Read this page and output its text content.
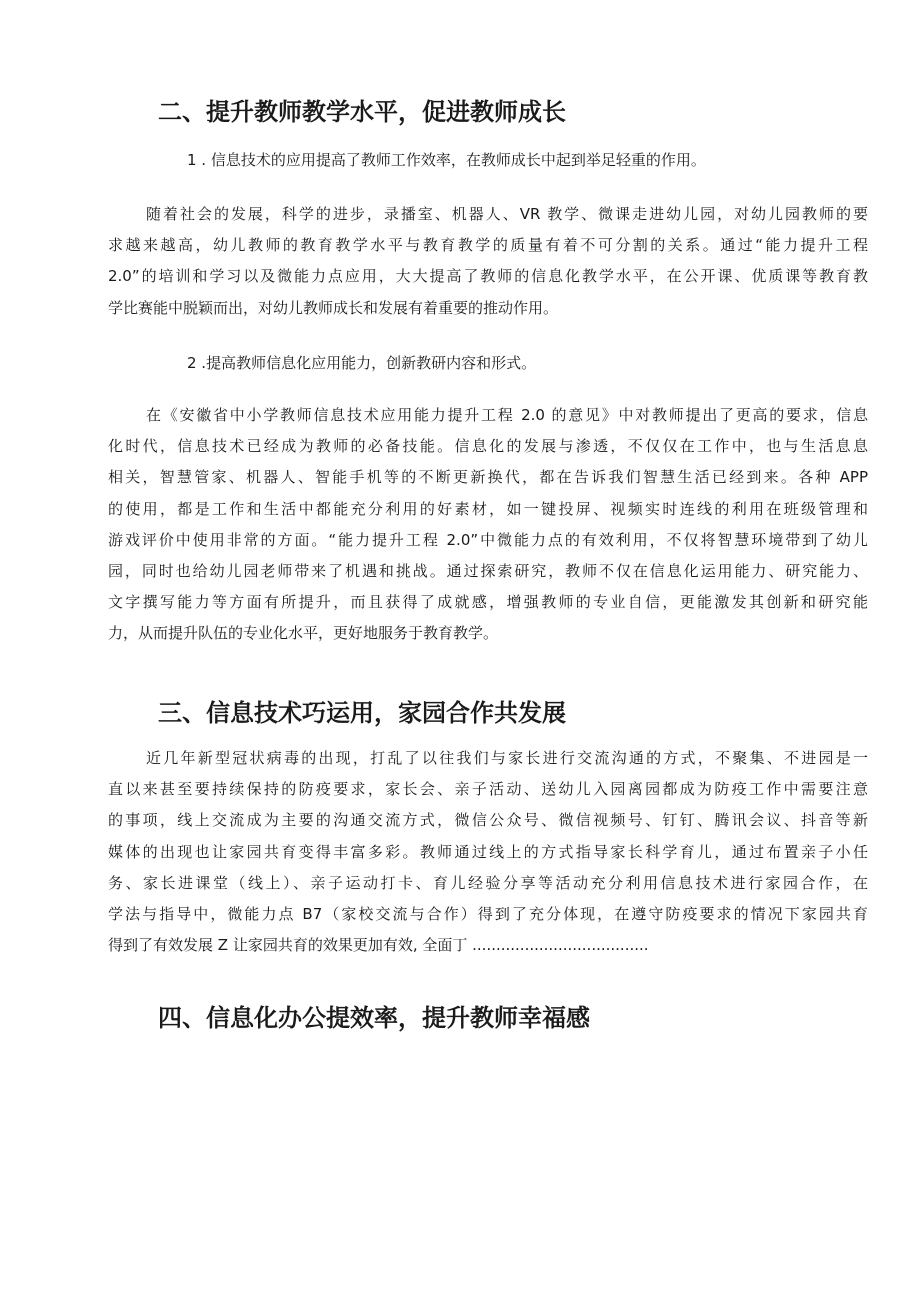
二、提升教师教学水平，促进教师成长

1 . 信息技术的应用提高了教师工作效率，在教师成长中起到举足轻重的作用。

随着社会的发展，科学的进步，录播室、机器人、VR 教学、微课走进幼儿园，对幼儿园教师的要
求越来越高，幼儿教师的教育教学水平与教育教学的质量有着不可分割的关系。通过“能力提升工程
2.0”的培训和学习以及微能力点应用，大大提高了教师的信息化教学水平，在公开课、优质课等教育教
学比赛能中脱颖而出，对幼儿教师成长和发展有着重要的推动作用。

2 .提高教师信息化应用能力，创新教研内容和形式。

在《安徽省中小学教师信息技术应用能力提升工程 2.0 的意见》中对教师提出了更高的要求，信息
化时代，信息技术已经成为教师的必备技能。信息化的发展与渗透，不仅仅在工作中，也与生活息息
相关，智慧管家、机器人、智能手机等的不断更新换代，都在告诉我们智慧生活已经到来。各种 APP
的使用，都是工作和生活中都能充分利用的好素材，如一键投屏、视频实时连线的利用在班级管理和
游戏评价中使用非常的方面。“能力提升工程 2.0”中微能力点的有效利用，不仅将智慧环境带到了幼儿
园，同时也给幼儿园老师带来了机遇和挑战。通过探索研究，教师不仅在信息化运用能力、研究能力、
文字撰写能力等方面有所提升，而且获得了成就感，增强教师的专业自信，更能激发其创新和研究能
力，从而提升队伍的专业化水平，更好地服务于教育教学。
三、信息技术巧运用，家园合作共发展
近几年新型冠状病毒的出现，打乱了以往我们与家长进行交流沟通的方式，不聚集、不进园是一
直以来甚至要持续保持的防疫要求，家长会、亲子活动、送幼儿入园离园都成为防疫工作中需要注意
的事项，线上交流成为主要的沟通交流方式，微信公众号、微信视频号、钉钉、腾讯会议、抖音等新
媒体的出现也让家园共育变得丰富多彩。教师通过线上的方式指导家长科学育儿，通过布置亲子小任
务、家长进课堂（线上）、亲子运动打卡、育儿经验分享等活动充分利用信息技术进行家园合作，在
学法与指导中，微能力点 B7（家校交流与合作）得到了充分体现，在遵守防疫要求的情况下家园共育
得到了有效发展 Z 让家园共育的效果更加有效, 全面丁 .....................................
四、信息化办公提效率，提升教师幸福感
